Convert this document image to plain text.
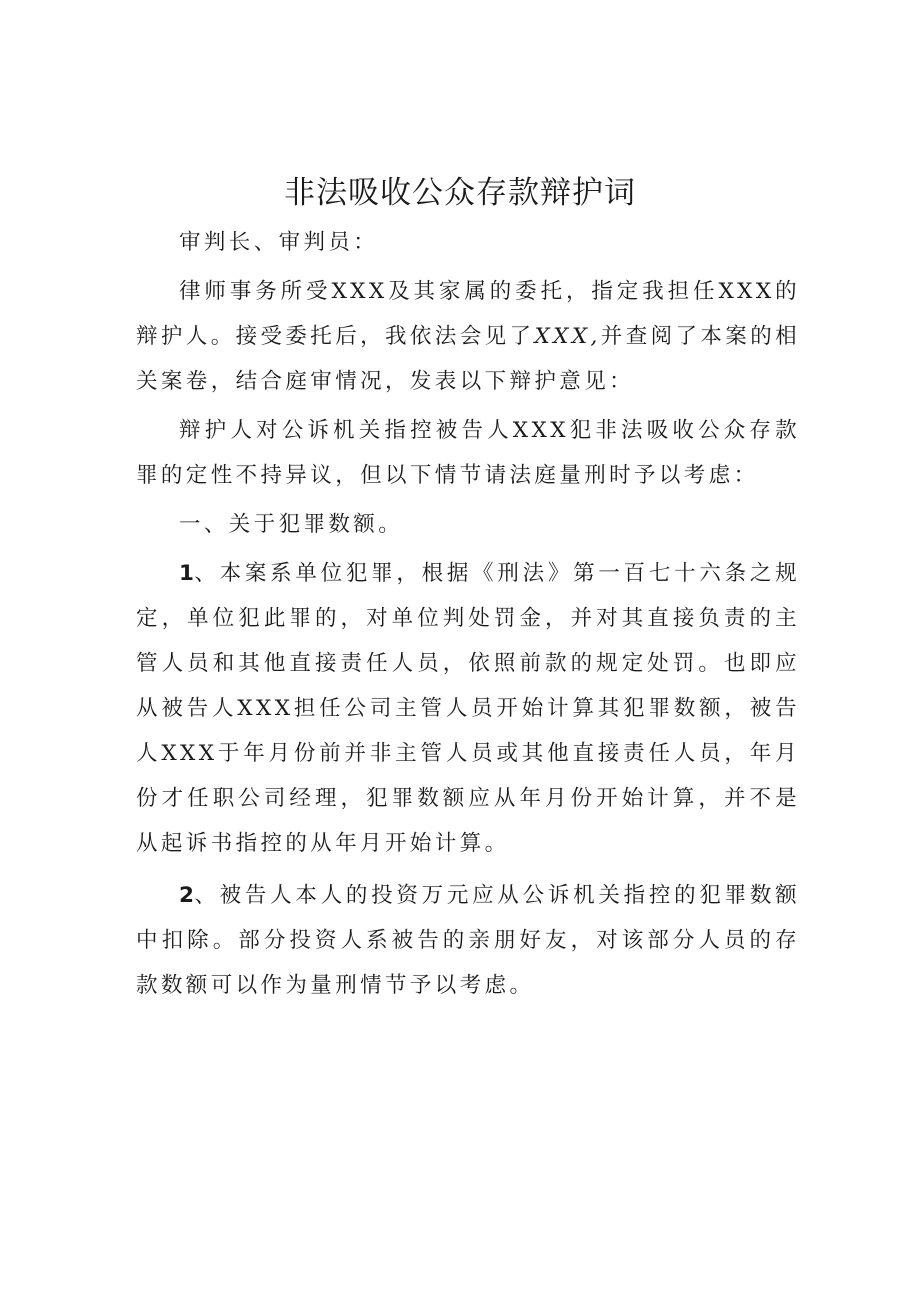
非法吸收公众存款辩护词

审判长、审判员：

律师事务所受XXX及其家属的委托，指定我担任XXX的辩护人。接受委托后，我依法会见了XXX,并查阅了本案的相关案卷，结合庭审情况，发表以下辩护意见：

辩护人对公诉机关指控被告人XXX犯非法吸收公众存款罪的定性不持异议，但以下情节请法庭量刑时予以考虑：

一、关于犯罪数额。

1、本案系单位犯罪，根据《刑法》第一百七十六条之规定，单位犯此罪的，对单位判处罚金，并对其直接负责的主管人员和其他直接责任人员，依照前款的规定处罚。也即应从被告人XXX担任公司主管人员开始计算其犯罪数额，被告人XXX于年月份前并非主管人员或其他直接责任人员，年月份才任职公司经理，犯罪数额应从年月份开始计算，并不是从起诉书指控的从年月开始计算。

2、被告人本人的投资万元应从公诉机关指控的犯罪数额中扣除。部分投资人系被告的亲朋好友，对该部分人员的存款数额可以作为量刑情节予以考虑。
